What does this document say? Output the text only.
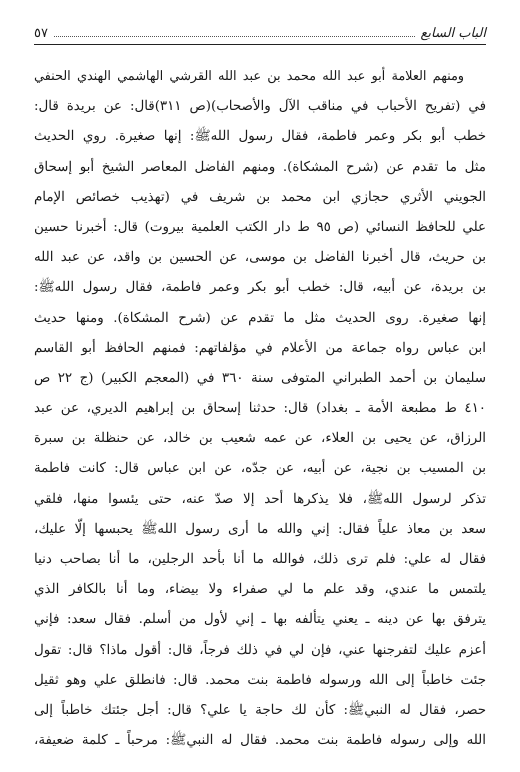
الباب السابع
٥٧
ومنهم العلامة أبو عبد الله محمد بن عبد الله القرشي الهاشمي الهندي الحنفي
في (تفريح الأحباب في مناقب الآل والأصحاب)(ص ٣١١)قال: عن بريدة قال:
خطب أبو بكر وعمر فاطمة، فقال رسول اللهﷺ: إنها صغيرة. روي الحديث
مثل ما تقدم عن (شرح المشكاة). ومنهم الفاضل المعاصر الشيخ أبو إسحاق
الجويني الأثري حجازي ابن محمد بن شريف في (تهذيب خصائص الإمام
علي للحافظ النسائي (ص ٩٥ ط دار الكتب العلمية بيروت) قال: أخبرنا حسين
بن حريث، قال أخبرنا الفاضل بن موسى، عن الحسين بن واقد، عن عبد الله
بن بريدة، عن أبيه، قال: خطب أبو بكر وعمر فاطمة، فقال رسول اللهﷺ:
إنها صغيرة. روى الحديث مثل ما تقدم عن (شرح المشكاة). ومنها حديث
ابن عباس رواه جماعة من الأعلام في مؤلفاتهم: فمنهم الحافظ أبو القاسم
سليمان بن أحمد الطبراني المتوفى سنة ٣٦٠ في (المعجم الكبير) (ج ٢٢ ص
٤١٠ ط مطبعة الأمة ـ بغداد) قال: حدثنا إسحاق بن إبراهيم الديري، عن عبد
الرزاق، عن يحيى بن العلاء، عن عمه شعيب بن خالد، عن حنظلة بن سبرة
بن المسيب بن نجية، عن أبيه، عن جدّه، عن ابن عباس قال: كانت فاطمة
تذكر لرسول اللهﷺ، فلا يذكرها أحد إلا صدّ عنه، حتى يئسوا منها، فلقي
سعد بن معاذ علياً فقال: إني والله ما أرى رسول اللهﷺ يحبسها إلّا عليك،
فقال له علي: فلم ترى ذلك، فوالله ما أنا بأحد الرجلين، ما أنا بصاحب دنيا
يلتمس ما عندي، وقد علم ما لي صفراء ولا بيضاء، وما أنا بالكافر الذي
يترفق بها عن دينه ـ يعني يتألفه بها ـ إني لأول من أسلم. فقال سعد: فإني
أعزم عليك لتفرجنها عني، فإن لي في ذلك فرجاً، قال: أقول ماذا؟ قال: تقول
جئت خاطباً إلى الله ورسوله فاطمة بنت محمد. قال: فانطلق علي وهو ثقيل
حصر، فقال له النبيﷺ: كأن لك حاجة يا علي؟ قال: أجل جئتك خاطباً إلى
الله وإلى رسوله فاطمة بنت محمد. فقال له النبيﷺ: مرحباً ـ كلمة ضعيفة،
